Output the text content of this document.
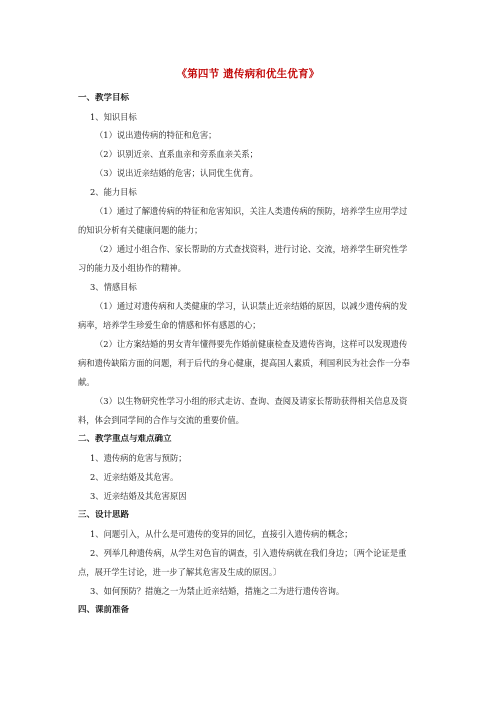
《第四节 遗传病和优生优育》
一、教学目标
1、知识目标
（1）说出遗传病的特征和危害；
（2）识别近亲、直系血亲和旁系血亲关系；
（3）说出近亲结婚的危害；认同优生优育。
2、能力目标
（1）通过了解遗传病的特征和危害知识，关注人类遗传病的预防，培养学生应用学过
的知识分析有关健康问题的能力；
（2）通过小组合作、家长帮助的方式查找资料，进行讨论、交流，培养学生研究性学
习的能力及小组协作的精神。
3、情感目标
（1）通过对遗传病和人类健康的学习，认识禁止近亲结婚的原因，以减少遗传病的发
病率，培养学生珍爱生命的情感和怀有感恩的心；
（2）让方案结婚的男女青年懂得要先作婚前健康检查及遗传咨询，这样可以发现遗传
病和遗传缺陷方面的问题，利于后代的身心健康，提高国人素质，利国利民为社会作一分奉
献。
（3）以生物研究性学习小组的形式走访、查询、查阅及请家长帮助获得相关信息及资
料，体会到同学间的合作与交流的重要价值。
二、教学重点与难点确立
1、遗传病的危害与预防；
2、近亲结婚及其危害。
3、近亲结婚及其危害原因
三、设计思路
1、问题引入，从什么是可遗传的变异的回忆，直接引入遗传病的概念；
2、列举几种遗传病，从学生对色盲的调查，引入遗传病就在我们身边；〔两个论证是重
点，展开学生讨论，进一步了解其危害及生成的原因。〕
3、如何预防？措施之一为禁止近亲结婚，措施之二为进行遗传咨询。
四、课前准备
